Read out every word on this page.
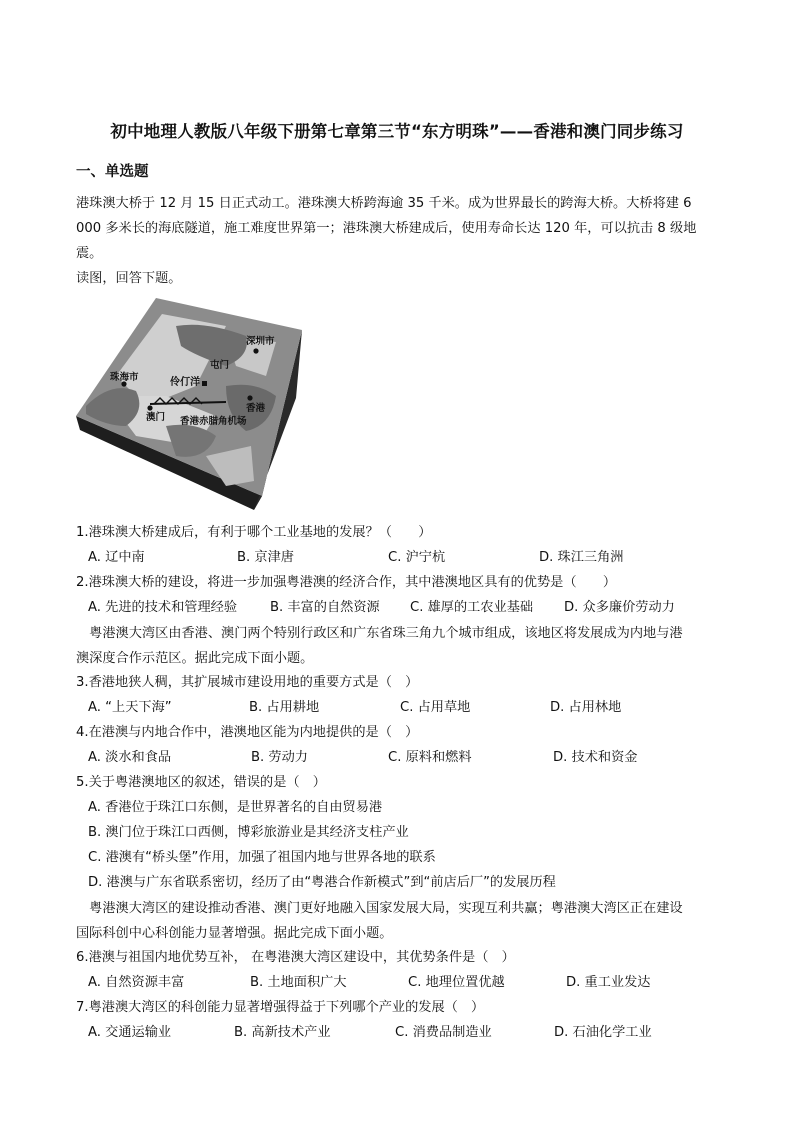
初中地理人教版八年级下册第七章第三节“东方明珠”——香港和澳门同步练习
一、单选题
港珠澳大桥于 12 月 15 日正式动工。港珠澳大桥跨海逾 35 千米。成为世界最长的跨海大桥。大桥将建 6
000 多米长的海底隧道，施工难度世界第一；港珠澳大桥建成后，使用寿命长达 120 年，可以抗击 8 级地
震。
读图，回答下题。
深圳市
屯门
珠海市	伶仃洋
澳门
香港
香港赤腊角机场
1.港珠澳大桥建成后，有利于哪个工业基地的发展？（　　）
A. 辽中南	B. 京津唐	C. 沪宁杭	D. 珠江三角洲
2.港珠澳大桥的建设，将进一步加强粤港澳的经济合作，其中港澳地区具有的优势是（　　）
A. 先进的技术和管理经验 B. 丰富的自然资源 C. 雄厚的工农业基础 D. 众多廉价劳动力
　粤港澳大湾区由香港、澳门两个特别行政区和广东省珠三角九个城市组成，该地区将发展成为内地与港
澳深度合作示范区。据此完成下面小题。
3.香港地狭人稠，其扩展城市建设用地的重要方式是（　）
A. “上天下海”	B. 占用耕地	C. 占用草地	D. 占用林地
4.在港澳与内地合作中，港澳地区能为内地提供的是（　）
A. 淡水和食品	B. 劳动力	C. 原料和燃料	D. 技术和资金
5.关于粤港澳地区的叙述，错误的是（　）
A. 香港位于珠江口东侧，是世界著名的自由贸易港
B. 澳门位于珠江口西侧，博彩旅游业是其经济支柱产业
C. 港澳有“桥头堡”作用，加强了祖国内地与世界各地的联系
D. 港澳与广东省联系密切，经历了由“粤港合作新模式”到“前店后厂”的发展历程
　粤港澳大湾区的建设推动香港、澳门更好地融入国家发展大局，实现互利共赢；粤港澳大湾区正在建设
国际科创中心科创能力显著增强。据此完成下面小题。
6.港澳与祖国内地优势互补， 在粤港澳大湾区建设中，其优势条件是（　）
A. 自然资源丰富	B. 土地面积广大	C. 地理位置优越	D. 重工业发达
7.粤港澳大湾区的科创能力显著增强得益于下列哪个产业的发展（　）
A. 交通运输业	B. 高新技术产业	C. 消费品制造业	D. 石油化学工业
